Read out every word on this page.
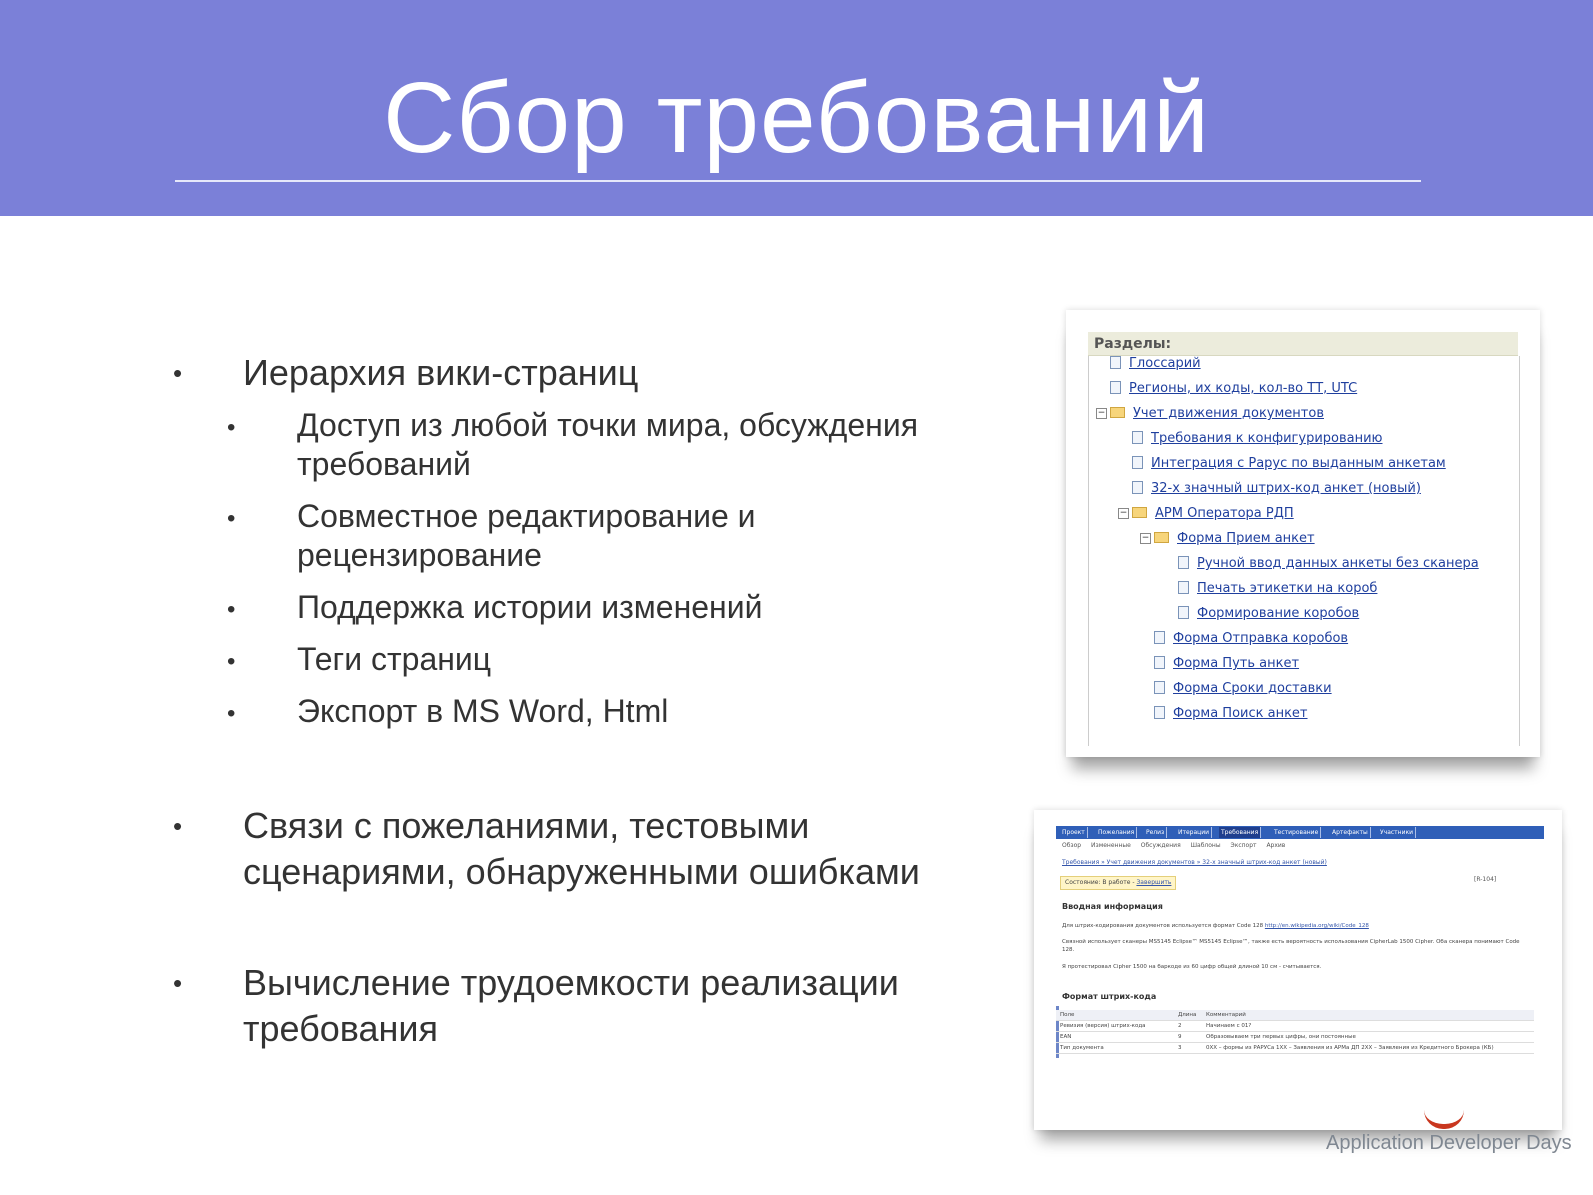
Сбор требований
• Иерархия вики-страниц
• Доступ из любой точки мира, обсуждения требований
• Совместное редактирование и рецензирование
• Поддержка истории изменений
• Теги страниц
• Экспорт в MS Word, Html
• Связи с пожеланиями, тестовыми сценариями, обнаруженными ошибками
• Вычисление трудоемкости реализации требования
Разделы:
Глоссарий
Регионы, их коды, кол-во ТТ, UTC
−	Учет движения документов
Требования к конфигурированию
Интеграция с Рарус по выданным анкетам
32-х значный штрих-код анкет (новый)
−	АРМ Оператора РДП
−	Форма Прием анкет
Ручной ввод данных анкеты без сканера
Печать этикетки на короб
Формирование коробов
Форма Отправка коробов
Форма Путь анкет
Форма Сроки доставки
Форма Поиск анкет
Проект	Пожелания	Релиз	Итерации	Требования	Тестирование	Артефакты	Участники
Обзор Измененные Обсуждения Шаблоны Экспорт Архив
Требования » Учет движения документов » 32-х значный штрих-код анкет (новый)
Состояние: В работе - Завершить	[R-104]
Вводная информация
Для штрих-кодирования документов используется формат Code 128 http://en.wikipedia.org/wiki/Code_128
Связной использует сканеры MS5145 Eclipse™ MS5145 Eclipse™, также есть вероятность использования CipherLab 1500 Cipher. Оба сканера понимают Code 128.
Я протестировал Cipher 1500 на баркоде из 60 цифр общей длиной 10 см - считывается.
Формат штрих-кода
Поле	Длина	Комментарий
Ревизия (версия) штрих-кода	2	Начинаем с 01?
EAN	9	Образовываем три первых цифры, они постоянные
Тип документа	3	0XX – формы из РАРУСа 1XX – Заявления из АРМа ДП 2XX – Заявления из Кредитного Брокера (КБ)
Application Developer Days
